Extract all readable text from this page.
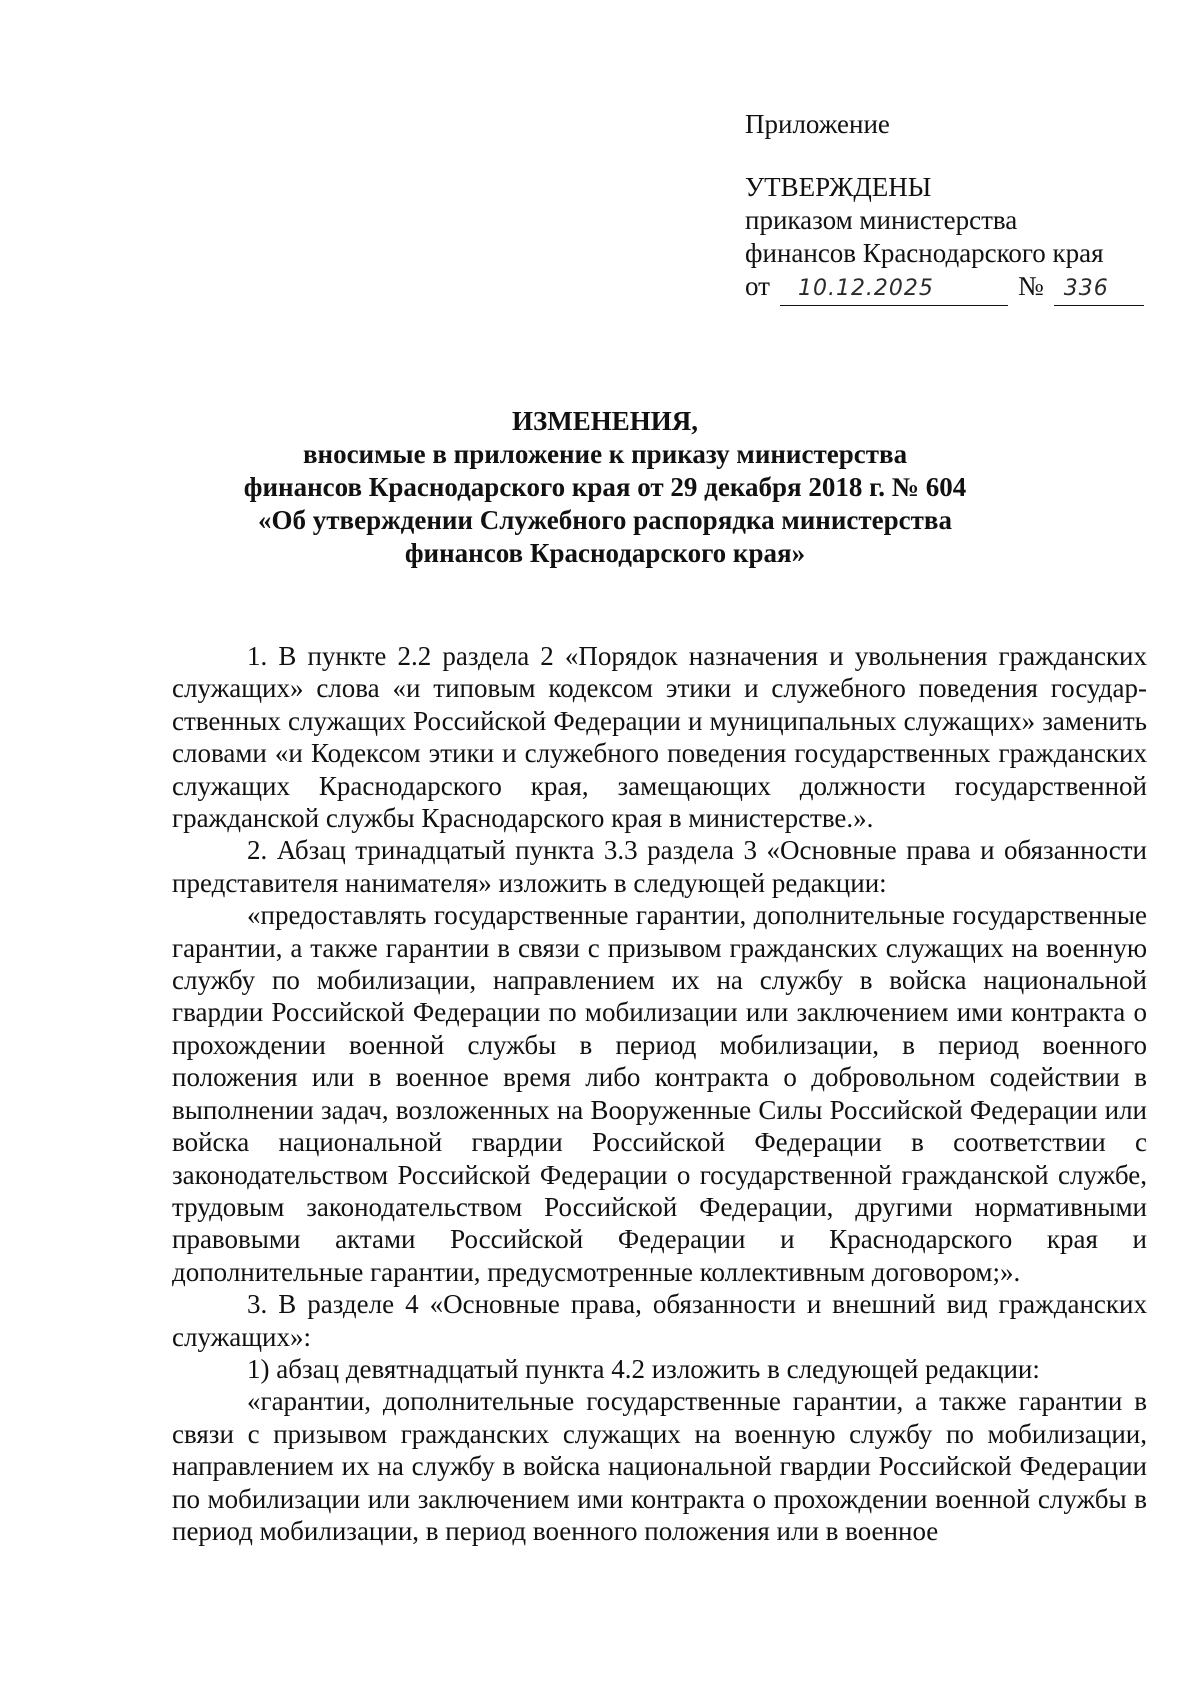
Приложение
УТВЕРЖДЕНЫ
приказом министерства
финансов Краснодарского края
от 10.12.2025	№ 336
ИЗМЕНЕНИЯ,
вносимые в приложение к приказу министерства
финансов Краснодарского края от 29 декабря 2018 г. № 604
«Об утверждении Служебного распорядка министерства
финансов Краснодарского края»

1. В пункте 2.2 раздела 2 «Порядок назначения и увольнения гражданских служащих» слова «и типовым кодексом этики и служебного поведения государственных служащих Российской Федерации и муниципальных служащих» заменить словами «и Кодексом этики и служебного поведения государственных гражданских служащих Краснодарского края, замещающих должности государственной гражданской службы Краснодарского края в министерстве.».

2. Абзац тринадцатый пункта 3.3 раздела 3 «Основные права и обязанности представителя нанимателя» изложить в следующей редакции:

«предоставлять государственные гарантии, дополнительные государственные гарантии, а также гарантии в связи с призывом гражданских служащих на военную службу по мобилизации, направлением их на службу в войска национальной гвардии Российской Федерации по мобилизации или заключением ими контракта о прохождении военной службы в период мобилизации, в период военного положения или в военное время либо контракта о добровольном содействии в выполнении задач, возложенных на Вооруженные Силы Российской Федерации или войска национальной гвардии Российской Федерации в соответствии с законодательством Российской Федерации о государственной гражданской службе, трудовым законодательством Российской Федерации, другими нормативными правовыми актами Российской Федерации и Краснодарского края и дополнительные гарантии, предусмотренные коллективным договором;».

3. В разделе 4 «Основные права, обязанности и внешний вид гражданских служащих»:

1) абзац девятнадцатый пункта 4.2 изложить в следующей редакции:

«гарантии, дополнительные государственные гарантии, а также гарантии в связи с призывом гражданских служащих на военную службу по мобилизации, направлением их на службу в войска национальной гвардии Российской Федерации по мобилизации или заключением ими контракта о прохождении военной службы в период мобилизации, в период военного положения или в военное
